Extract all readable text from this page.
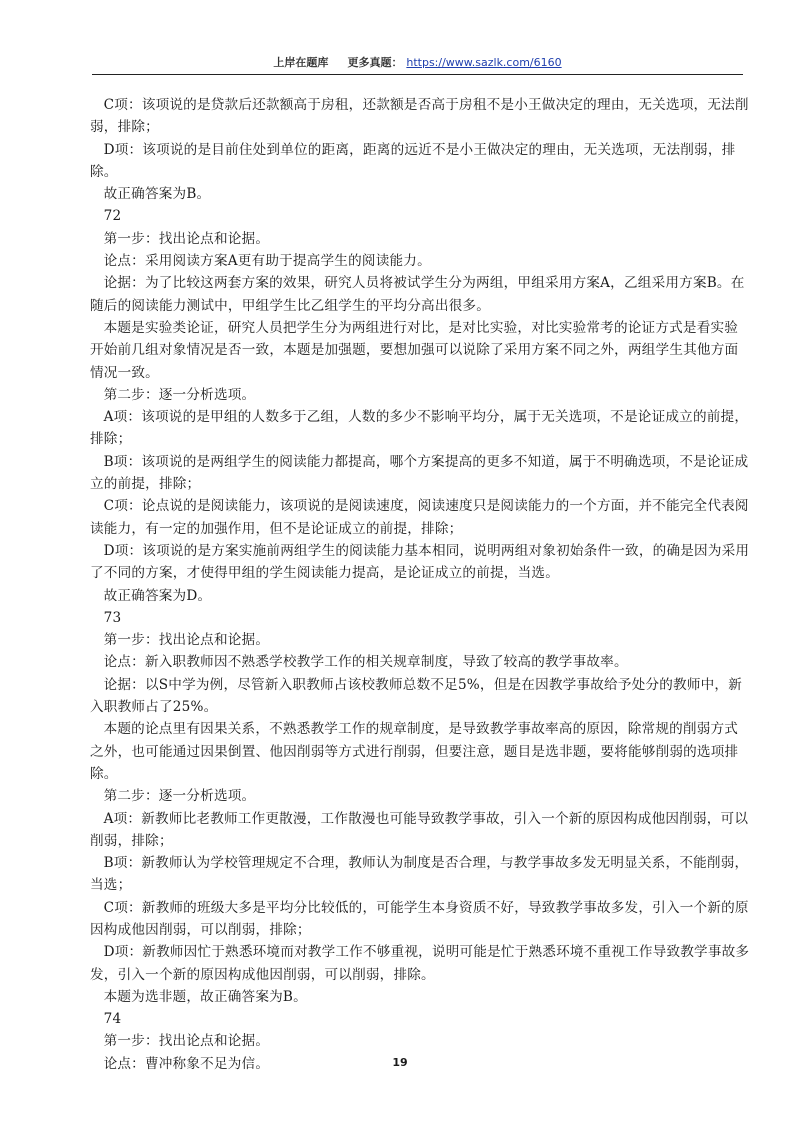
上岸在题库 更多真题： https://www.sazlk.com/6160

C项：该项说的是贷款后还款额高于房租，还款额是否高于房租不是小王做决定的理由，无关选项，无法削弱，排除；

D项：该项说的是目前住处到单位的距离，距离的远近不是小王做决定的理由，无关选项，无法削弱，排除。

故正确答案为B。

72

第一步：找出论点和论据。

论点：采用阅读方案A更有助于提高学生的阅读能力。

论据：为了比较这两套方案的效果，研究人员将被试学生分为两组，甲组采用方案A，乙组采用方案B。在随后的阅读能力测试中，甲组学生比乙组学生的平均分高出很多。

本题是实验类论证，研究人员把学生分为两组进行对比，是对比实验，对比实验常考的论证方式是看实验开始前几组对象情况是否一致，本题是加强题，要想加强可以说除了采用方案不同之外，两组学生其他方面情况一致。

第二步：逐一分析选项。

A项：该项说的是甲组的人数多于乙组，人数的多少不影响平均分，属于无关选项，不是论证成立的前提，排除；

B项：该项说的是两组学生的阅读能力都提高，哪个方案提高的更多不知道，属于不明确选项，不是论证成立的前提，排除；

C项：论点说的是阅读能力，该项说的是阅读速度，阅读速度只是阅读能力的一个方面，并不能完全代表阅读能力，有一定的加强作用，但不是论证成立的前提，排除；

D项：该项说的是方案实施前两组学生的阅读能力基本相同，说明两组对象初始条件一致，的确是因为采用了不同的方案，才使得甲组的学生阅读能力提高，是论证成立的前提，当选。

故正确答案为D。

73

第一步：找出论点和论据。

论点：新入职教师因不熟悉学校教学工作的相关规章制度，导致了较高的教学事故率。

论据：以S中学为例，尽管新入职教师占该校教师总数不足5%，但是在因教学事故给予处分的教师中，新入职教师占了25%。

本题的论点里有因果关系，不熟悉教学工作的规章制度，是导致教学事故率高的原因，除常规的削弱方式之外，也可能通过因果倒置、他因削弱等方式进行削弱，但要注意，题目是选非题，要将能够削弱的选项排除。

第二步：逐一分析选项。

A项：新教师比老教师工作更散漫，工作散漫也可能导致教学事故，引入一个新的原因构成他因削弱，可以削弱，排除；

B项：新教师认为学校管理规定不合理，教师认为制度是否合理，与教学事故多发无明显关系，不能削弱，当选；

C项：新教师的班级大多是平均分比较低的，可能学生本身资质不好，导致教学事故多发，引入一个新的原因构成他因削弱，可以削弱，排除；

D项：新教师因忙于熟悉环境而对教学工作不够重视，说明可能是忙于熟悉环境不重视工作导致教学事故多发，引入一个新的原因构成他因削弱，可以削弱，排除。

本题为选非题，故正确答案为B。

74

第一步：找出论点和论据。

论点：曹冲称象不足为信。	19
